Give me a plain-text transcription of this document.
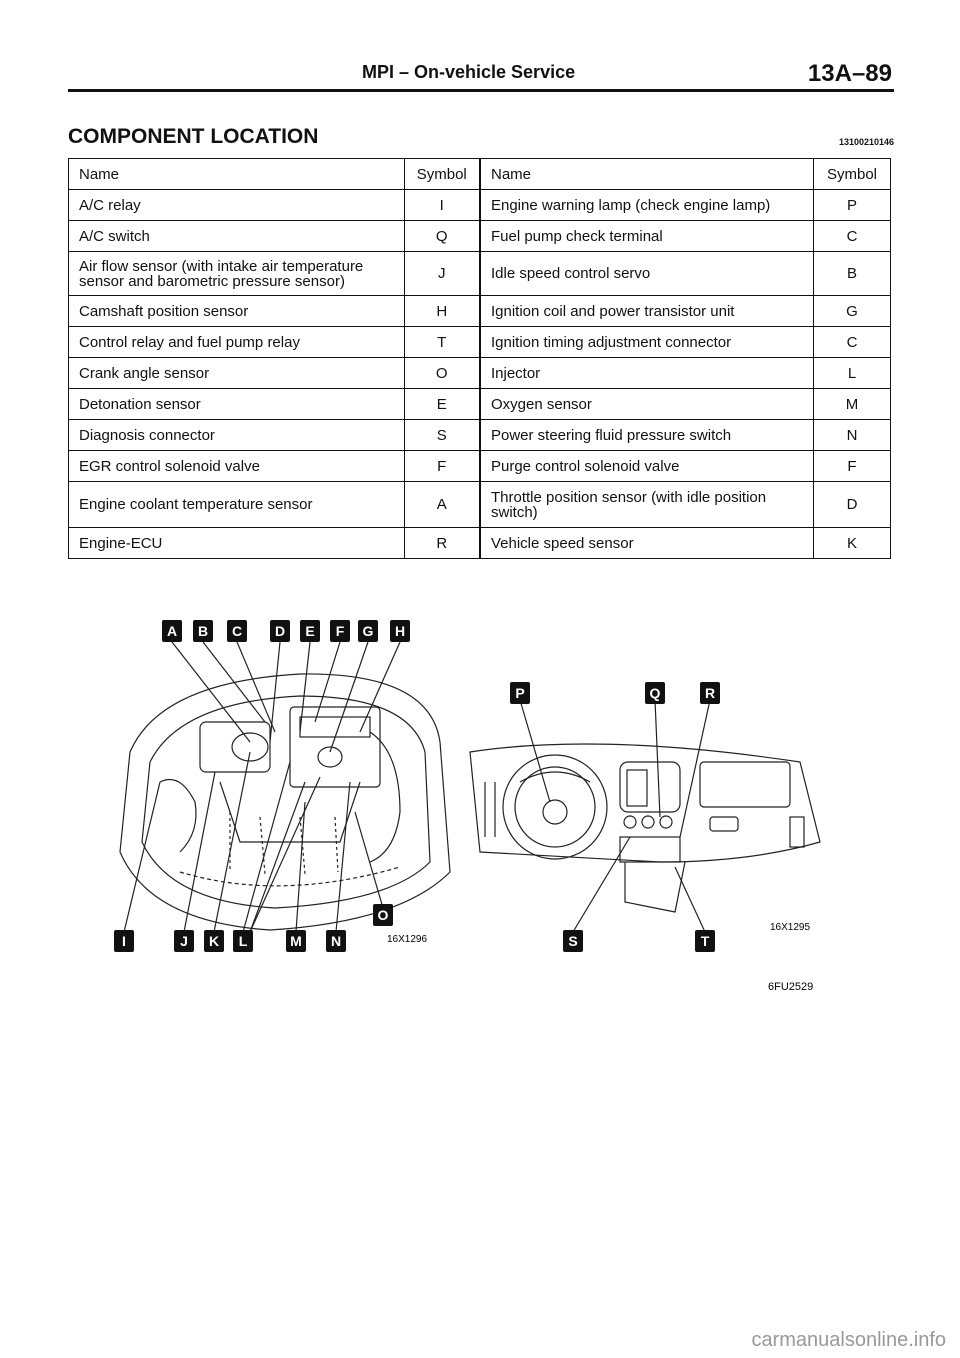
MPI – On-vehicle Service	13A–89
COMPONENT LOCATION	13100210146
Name	Symbol	Name	Symbol
A/C relay	I	Engine warning lamp (check engine lamp)	P
A/C switch	Q	Fuel pump check terminal	C
Air flow sensor (with intake air temperature sensor and barometric pressure sensor)	J	Idle speed control servo	B
Camshaft position sensor	H	Ignition coil and power transistor unit	G
Control relay and fuel pump relay	T	Ignition timing adjustment connector	C
Crank angle sensor	O	Injector	L
Detonation sensor	E	Oxygen sensor	M
Diagnosis connector	S	Power steering fluid pressure switch	N
EGR control solenoid valve	F	Purge control solenoid valve	F
Engine coolant temperature sensor	A	Throttle position sensor (with idle position switch)	D
Engine-ECU	R	Vehicle speed sensor	K
A B C D E F G H
I	J K L	M N
O
P	Q	R
S	T
16X1296
16X1295
6FU2529
carmanualsonline.info
